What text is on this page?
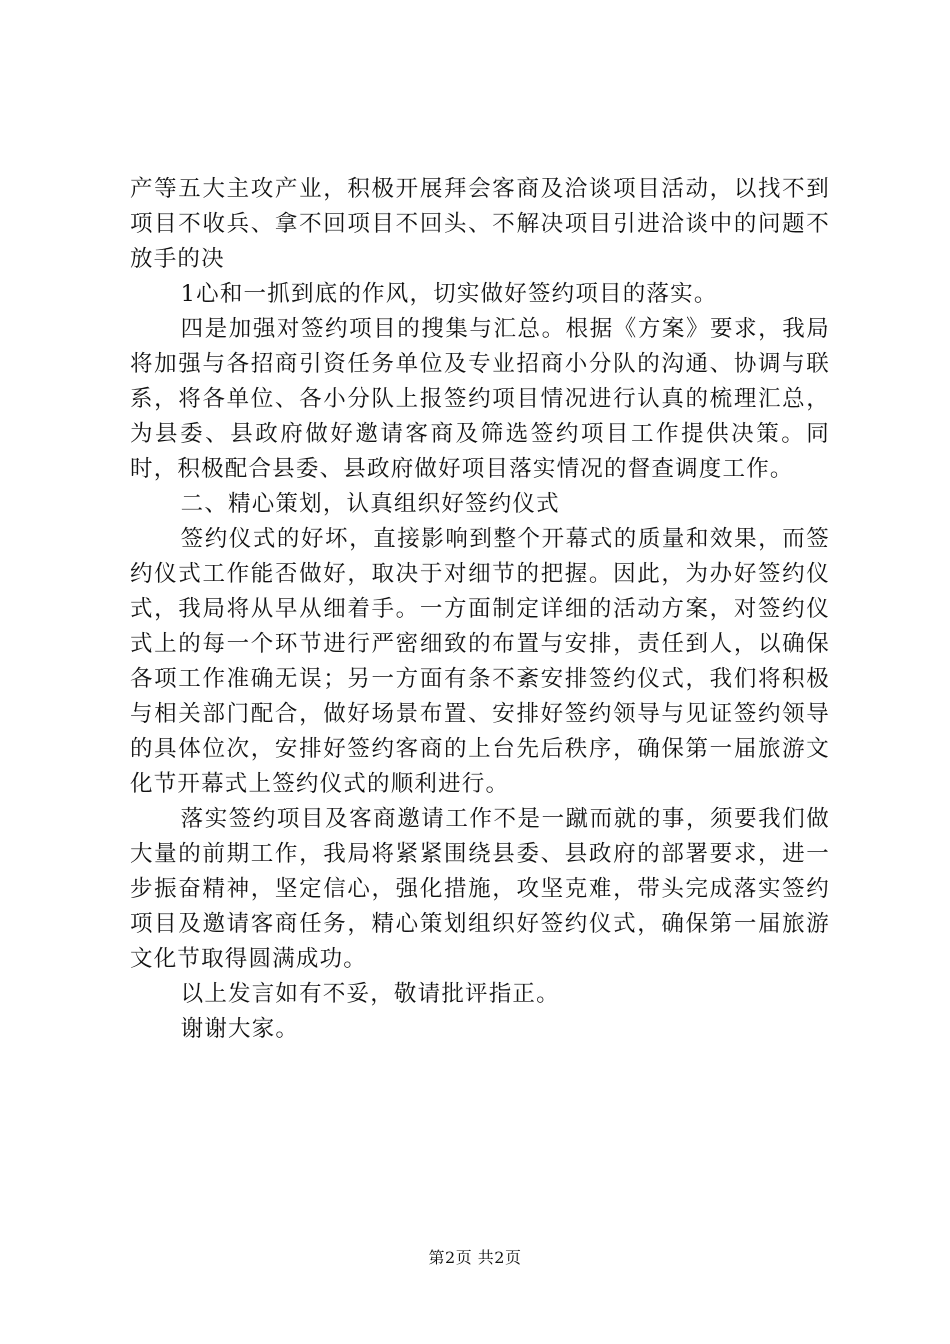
产等五大主攻产业，积极开展拜会客商及洽谈项目活动，以找不到项目不收兵、拿不回项目不回头、不解决项目引进洽谈中的问题不放手的决

1心和一抓到底的作风，切实做好签约项目的落实。

四是加强对签约项目的搜集与汇总。根据《方案》要求，我局将加强与各招商引资任务单位及专业招商小分队的沟通、协调与联系，将各单位、各小分队上报签约项目情况进行认真的梳理汇总，为县委、县政府做好邀请客商及筛选签约项目工作提供决策。同时，积极配合县委、县政府做好项目落实情况的督查调度工作。

二、精心策划，认真组织好签约仪式

签约仪式的好坏，直接影响到整个开幕式的质量和效果，而签约仪式工作能否做好，取决于对细节的把握。因此，为办好签约仪式，我局将从早从细着手。一方面制定详细的活动方案，对签约仪式上的每一个环节进行严密细致的布置与安排，责任到人，以确保各项工作准确无误；另一方面有条不紊安排签约仪式，我们将积极与相关部门配合，做好场景布置、安排好签约领导与见证签约领导的具体位次，安排好签约客商的上台先后秩序，确保第一届旅游文化节开幕式上签约仪式的顺利进行。

落实签约项目及客商邀请工作不是一蹴而就的事，须要我们做大量的前期工作，我局将紧紧围绕县委、县政府的部署要求，进一步振奋精神，坚定信心，强化措施，攻坚克难，带头完成落实签约项目及邀请客商任务，精心策划组织好签约仪式，确保第一届旅游文化节取得圆满成功。

以上发言如有不妥，敬请批评指正。

谢谢大家。

第2页 共2页
